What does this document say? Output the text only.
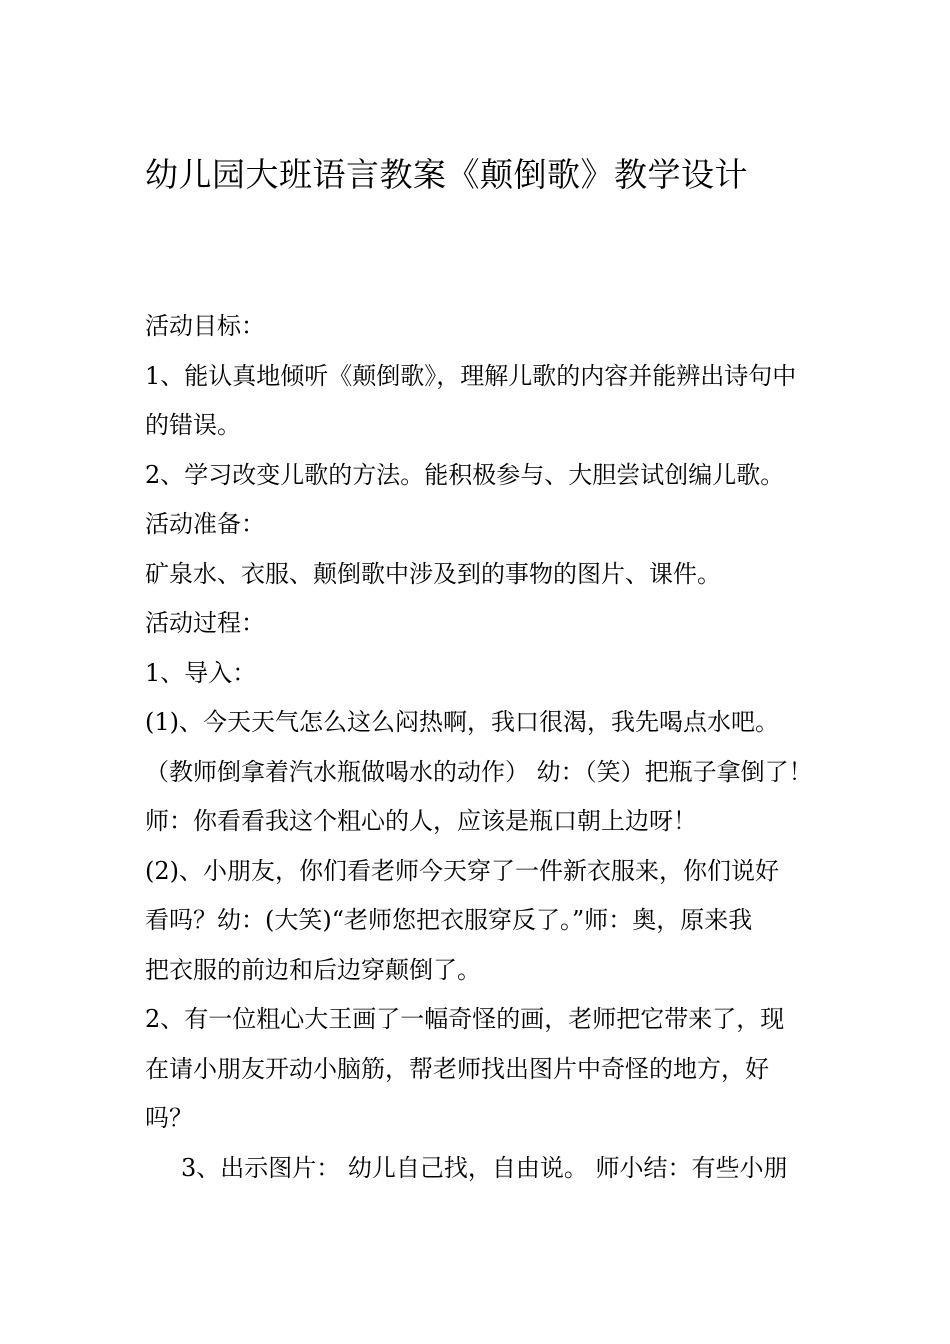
幼儿园大班语言教案《颠倒歌》教学设计

活动目标：

1、能认真地倾听《颠倒歌》，理解儿歌的内容并能辨出诗句中

的错误。

2、学习改变儿歌的方法。能积极参与、大胆尝试创编儿歌。

活动准备：

矿泉水、衣服、颠倒歌中涉及到的事物的图片、课件。

活动过程：

1、导入：

(1)、今天天气怎么这么闷热啊，我口很渴，我先喝点水吧。

（教师倒拿着汽水瓶做喝水的动作） 幼：（笑）把瓶子拿倒了！

师：你看看我这个粗心的人，应该是瓶口朝上边呀！

(2)、小朋友，你们看老师今天穿了一件新衣服来，你们说好

看吗？幼：(大笑)“老师您把衣服穿反了。”师：奥，原来我

把衣服的前边和后边穿颠倒了。

2、有一位粗心大王画了一幅奇怪的画，老师把它带来了，现

在请小朋友开动小脑筋，帮老师找出图片中奇怪的地方，好

吗？

3、出示图片： 幼儿自己找，自由说。 师小结：有些小朋
